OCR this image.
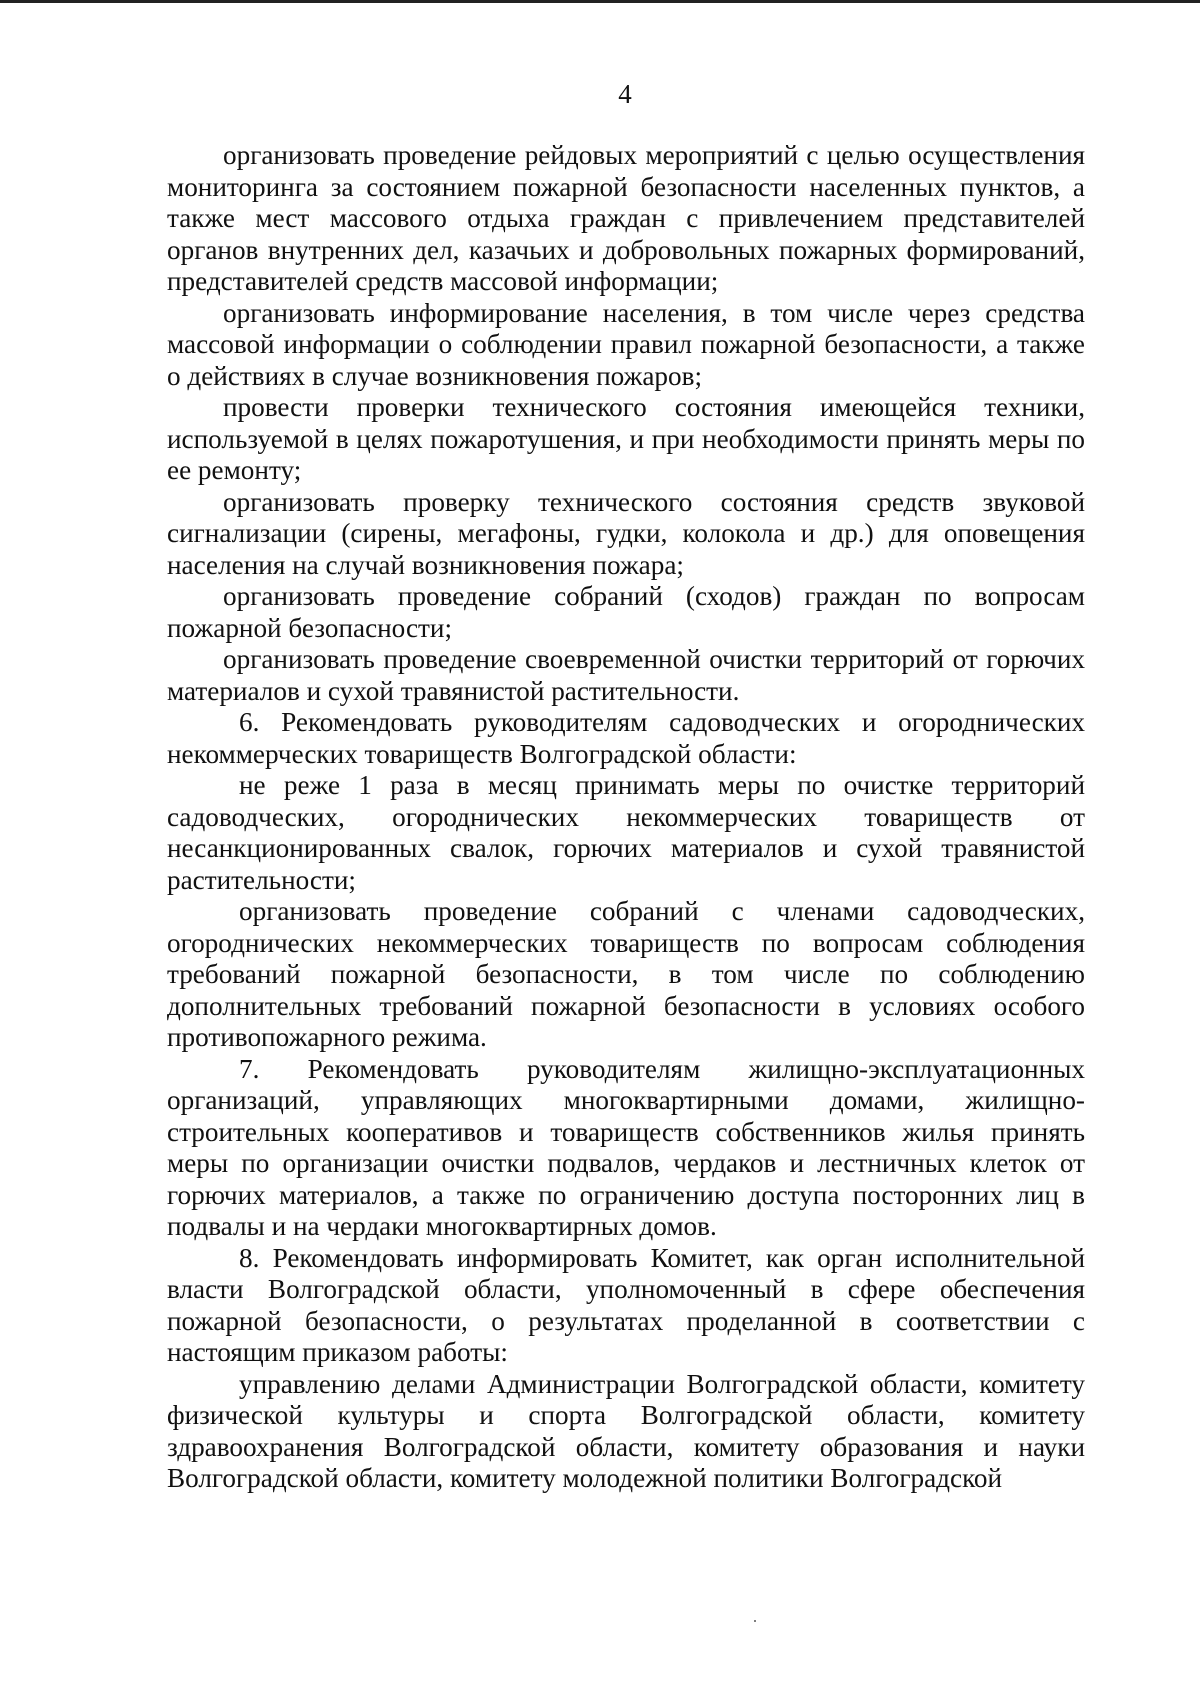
4

организовать проведение рейдовых мероприятий с целью осуществления мониторинга за состоянием пожарной безопасности населенных пунктов, а также мест массового отдыха граждан с привлечением представителей органов внутренних дел, казачьих и добровольных пожарных формирований, представителей средств массовой информации;

организовать информирование населения, в том числе через средства массовой информации о соблюдении правил пожарной безопасности, а также о действиях в случае возникновения пожаров;

провести проверки технического состояния имеющейся техники, используемой в целях пожаротушения, и при необходимости принять меры по ее ремонту;

организовать проверку технического состояния средств звуковой сигнализации (сирены, мегафоны, гудки, колокола и др.) для оповещения населения на случай возникновения пожара;

организовать проведение собраний (сходов) граждан по вопросам пожарной безопасности;

организовать проведение своевременной очистки территорий от горючих материалов и сухой травянистой растительности.

6. Рекомендовать руководителям садоводческих и огороднических некоммерческих товариществ Волгоградской области:

не реже 1 раза в месяц принимать меры по очистке территорий садоводческих, огороднических некоммерческих товариществ от несанкционированных свалок, горючих материалов и сухой травянистой растительности;

организовать проведение собраний с членами садоводческих, огороднических некоммерческих товариществ по вопросам соблюдения требований пожарной безопасности, в том числе по соблюдению дополнительных требований пожарной безопасности в условиях особого противопожарного режима.

7. Рекомендовать руководителям жилищно-эксплуатационных организаций, управляющих многоквартирными домами, жилищно-строительных кооперативов и товариществ собственников жилья принять меры по организации очистки подвалов, чердаков и лестничных клеток от горючих материалов, а также по ограничению доступа посторонних лиц в подвалы и на чердаки многоквартирных домов.

8. Рекомендовать информировать Комитет, как орган исполнительной власти Волгоградской области, уполномоченный в сфере обеспечения пожарной безопасности, о результатах проделанной в соответствии с настоящим приказом работы:

управлению делами Администрации Волгоградской области, комитету физической культуры и спорта Волгоградской области, комитету здравоохранения Волгоградской области, комитету образования и науки Волгоградской области, комитету молодежной политики Волгоградской
